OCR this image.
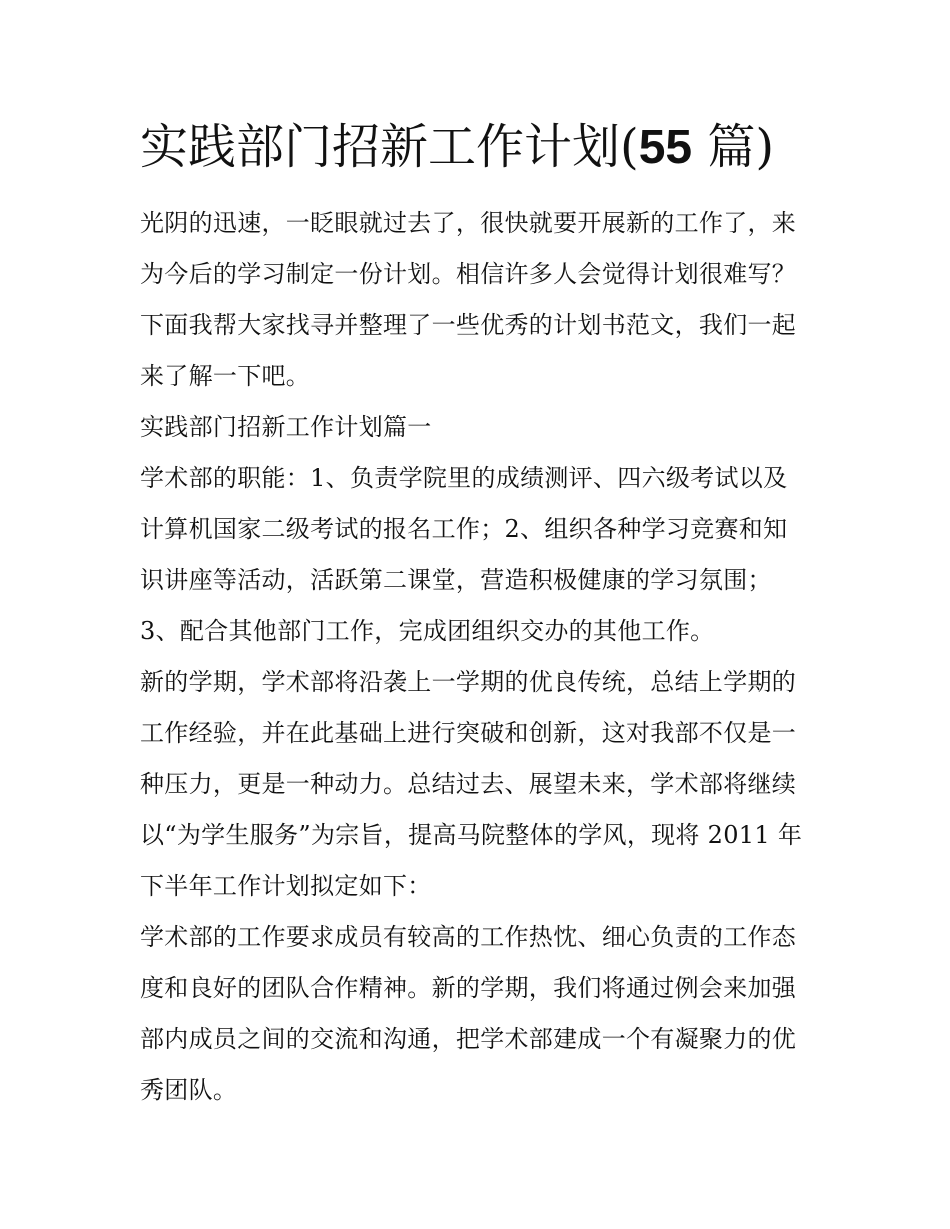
实践部门招新工作计划(55 篇)
光阴的迅速，一眨眼就过去了，很快就要开展新的工作了，来
为今后的学习制定一份计划。相信许多人会觉得计划很难写？
下面我帮大家找寻并整理了一些优秀的计划书范文，我们一起
来了解一下吧。
实践部门招新工作计划篇一
学术部的职能：1、负责学院里的成绩测评、四六级考试以及
计算机国家二级考试的报名工作；2、组织各种学习竞赛和知
识讲座等活动，活跃第二课堂，营造积极健康的学习氛围；
3、配合其他部门工作，完成团组织交办的其他工作。
新的学期，学术部将沿袭上一学期的优良传统，总结上学期的
工作经验，并在此基础上进行突破和创新，这对我部不仅是一
种压力，更是一种动力。总结过去、展望未来，学术部将继续
以“为学生服务”为宗旨，提高马院整体的学风，现将 2011 年
下半年工作计划拟定如下：
学术部的工作要求成员有较高的工作热忱、细心负责的工作态
度和良好的团队合作精神。新的学期，我们将通过例会来加强
部内成员之间的交流和沟通，把学术部建成一个有凝聚力的优
秀团队。
